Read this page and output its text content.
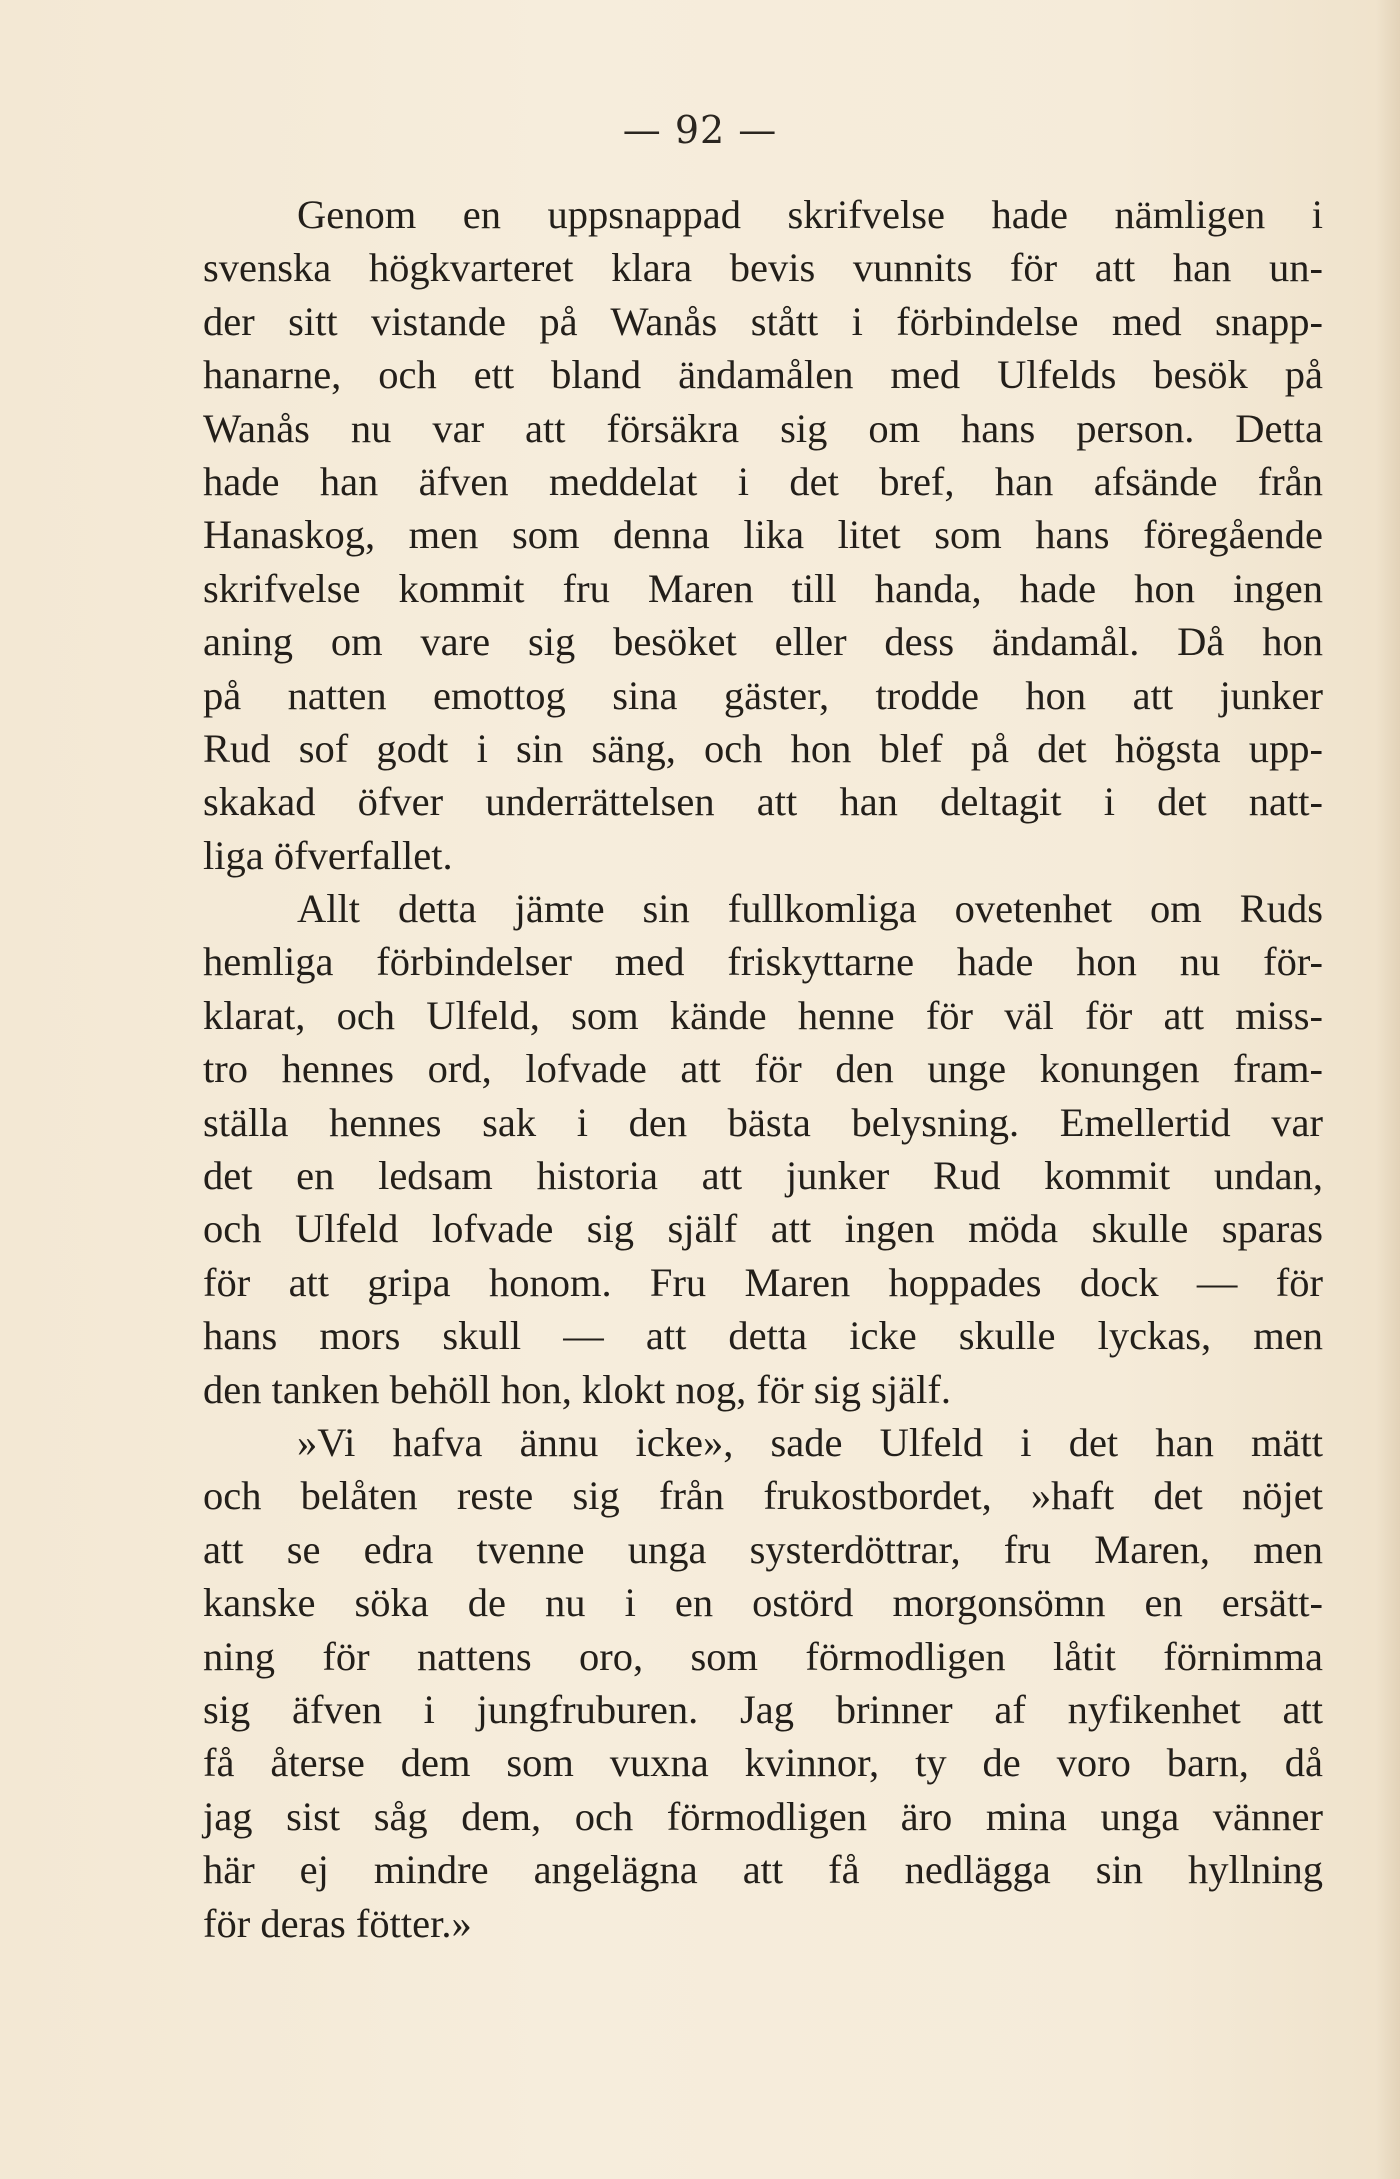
— 92 —
Genom en uppsnappad skrifvelse hade nämligen i
svenska högkvarteret klara bevis vunnits för att han un-
der sitt vistande på Wanås stått i förbindelse med snapp-
hanarne, och ett bland ändamålen med Ulfelds besök på
Wanås nu var att försäkra sig om hans person. Detta
hade han äfven meddelat i det bref, han afsände från
Hanaskog, men som denna lika litet som hans föregående
skrifvelse kommit fru Maren till handa, hade hon ingen
aning om vare sig besöket eller dess ändamål. Då hon
på natten emottog sina gäster, trodde hon att junker
Rud sof godt i sin säng, och hon blef på det högsta upp-
skakad öfver underrättelsen att han deltagit i det natt-
liga öfverfallet.
Allt detta jämte sin fullkomliga ovetenhet om Ruds
hemliga förbindelser med friskyttarne hade hon nu för-
klarat, och Ulfeld, som kände henne för väl för att miss-
tro hennes ord, lofvade att för den unge konungen fram-
ställa hennes sak i den bästa belysning. Emellertid var
det en ledsam historia att junker Rud kommit undan,
och Ulfeld lofvade sig själf att ingen möda skulle sparas
för att gripa honom. Fru Maren hoppades dock — för
hans mors skull — att detta icke skulle lyckas, men
den tanken behöll hon, klokt nog, för sig själf.
»Vi hafva ännu icke», sade Ulfeld i det han mätt
och belåten reste sig från frukostbordet, »haft det nöjet
att se edra tvenne unga systerdöttrar, fru Maren, men
kanske söka de nu i en ostörd morgonsömn en ersätt-
ning för nattens oro, som förmodligen låtit förnimma
sig äfven i jungfruburen. Jag brinner af nyfikenhet att
få återse dem som vuxna kvinnor, ty de voro barn, då
jag sist såg dem, och förmodligen äro mina unga vänner
här ej mindre angelägna att få nedlägga sin hyllning
för deras fötter.»
